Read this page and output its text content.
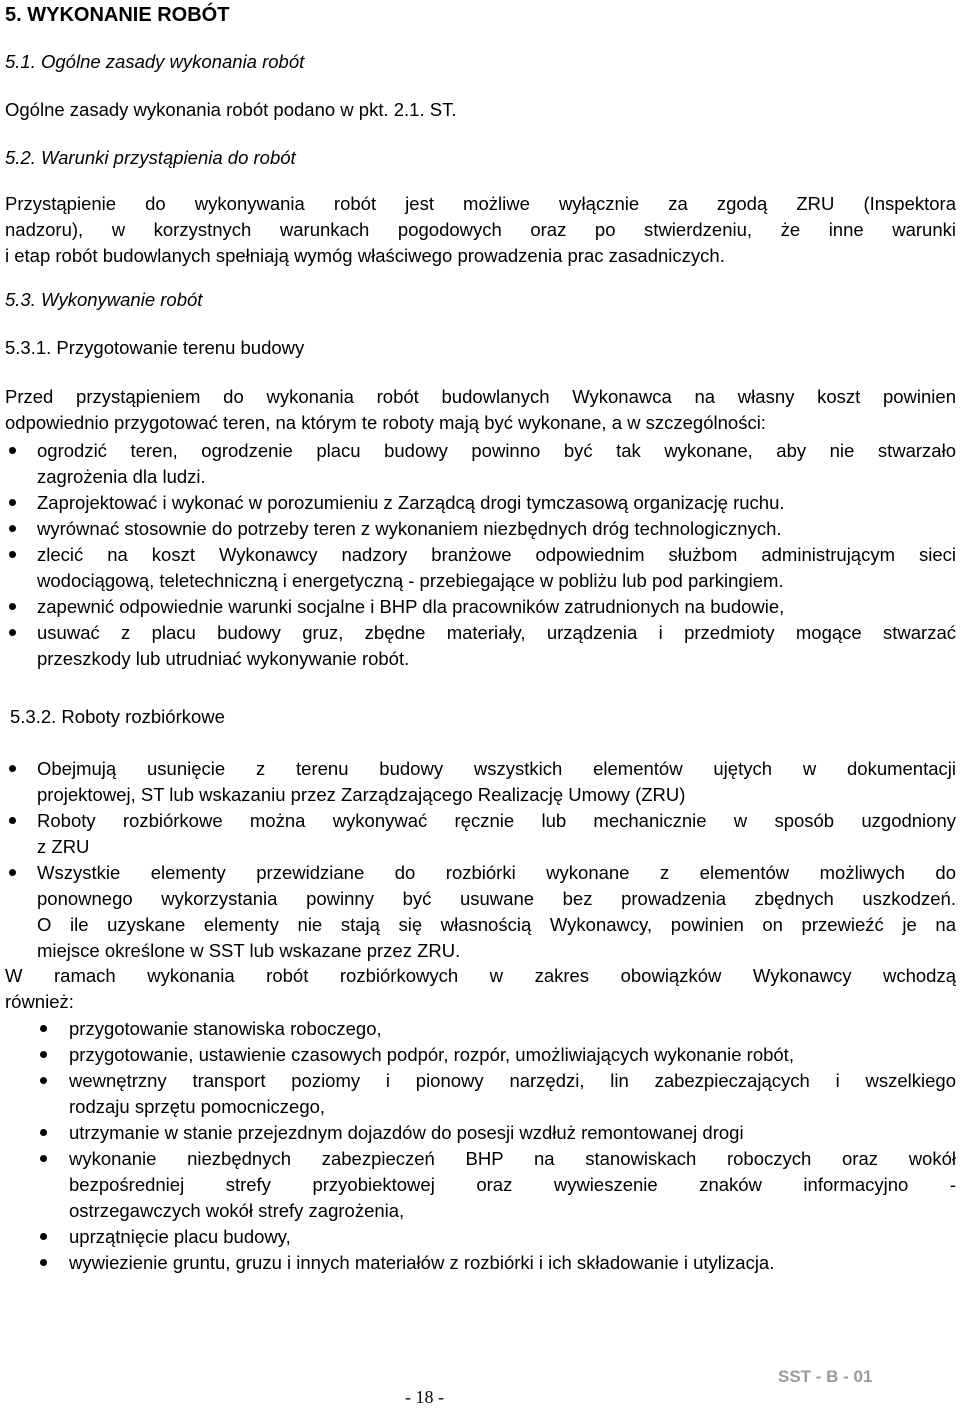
5. WYKONANIE ROBÓT
5.1. Ogólne zasady wykonania robót
Ogólne zasady wykonania robót podano w pkt. 2.1. ST.
5.2. Warunki przystąpienia do robót
Przystąpienie do wykonywania robót jest możliwe wyłącznie za zgodą ZRU (Inspektora
nadzoru), w korzystnych warunkach pogodowych oraz po stwierdzeniu, że inne warunki
i etap robót budowlanych spełniają wymóg właściwego prowadzenia prac zasadniczych.
5.3. Wykonywanie robót
5.3.1. Przygotowanie terenu budowy
Przed przystąpieniem do wykonania robót budowlanych Wykonawca na własny koszt powinien
odpowiednio przygotować teren, na którym te roboty mają być wykonane, a w szczególności:
ogrodzić teren, ogrodzenie placu budowy powinno być tak wykonane, aby nie stwarzało
zagrożenia dla ludzi.
Zaprojektować i wykonać w porozumieniu z Zarządcą drogi tymczasową organizację ruchu.
wyrównać stosownie do potrzeby teren z wykonaniem niezbędnych dróg technologicznych.
zlecić na koszt Wykonawcy nadzory branżowe odpowiednim służbom administrującym sieci
wodociągową, teletechniczną i energetyczną - przebiegające w pobliżu lub pod parkingiem.
zapewnić odpowiednie warunki socjalne i BHP dla pracowników zatrudnionych na budowie,
usuwać z placu budowy gruz, zbędne materiały, urządzenia i przedmioty mogące stwarzać
przeszkody lub utrudniać wykonywanie robót.
5.3.2. Roboty rozbiórkowe
Obejmują usunięcie z terenu budowy wszystkich elementów ujętych w dokumentacji
projektowej, ST lub wskazaniu przez Zarządzającego Realizację Umowy (ZRU)
Roboty rozbiórkowe można wykonywać ręcznie lub mechanicznie w sposób uzgodniony
z ZRU
Wszystkie elementy przewidziane do rozbiórki wykonane z elementów możliwych do
ponownego wykorzystania powinny być usuwane bez prowadzenia zbędnych uszkodzeń.
O ile uzyskane elementy nie stają się własnością Wykonawcy, powinien on przewieźć je na
miejsce określone w SST lub wskazane przez ZRU.
W ramach wykonania robót rozbiórkowych w zakres obowiązków Wykonawcy wchodzą
również:
przygotowanie stanowiska roboczego,
przygotowanie, ustawienie czasowych podpór, rozpór, umożliwiających wykonanie robót,
wewnętrzny transport poziomy i pionowy narzędzi, lin zabezpieczających i wszelkiego
rodzaju sprzętu pomocniczego,
utrzymanie w stanie przejezdnym dojazdów do posesji wzdłuż remontowanej drogi
wykonanie niezbędnych zabezpieczeń BHP na stanowiskach roboczych oraz wokół
bezpośredniej strefy przyobiektowej oraz wywieszenie znaków informacyjno -
ostrzegawczych wokół strefy zagrożenia,
uprzątnięcie placu budowy,
wywiezienie gruntu, gruzu i innych materiałów z rozbiórki i ich składowanie i utylizacja.
SST - B - 01
- 18 -
